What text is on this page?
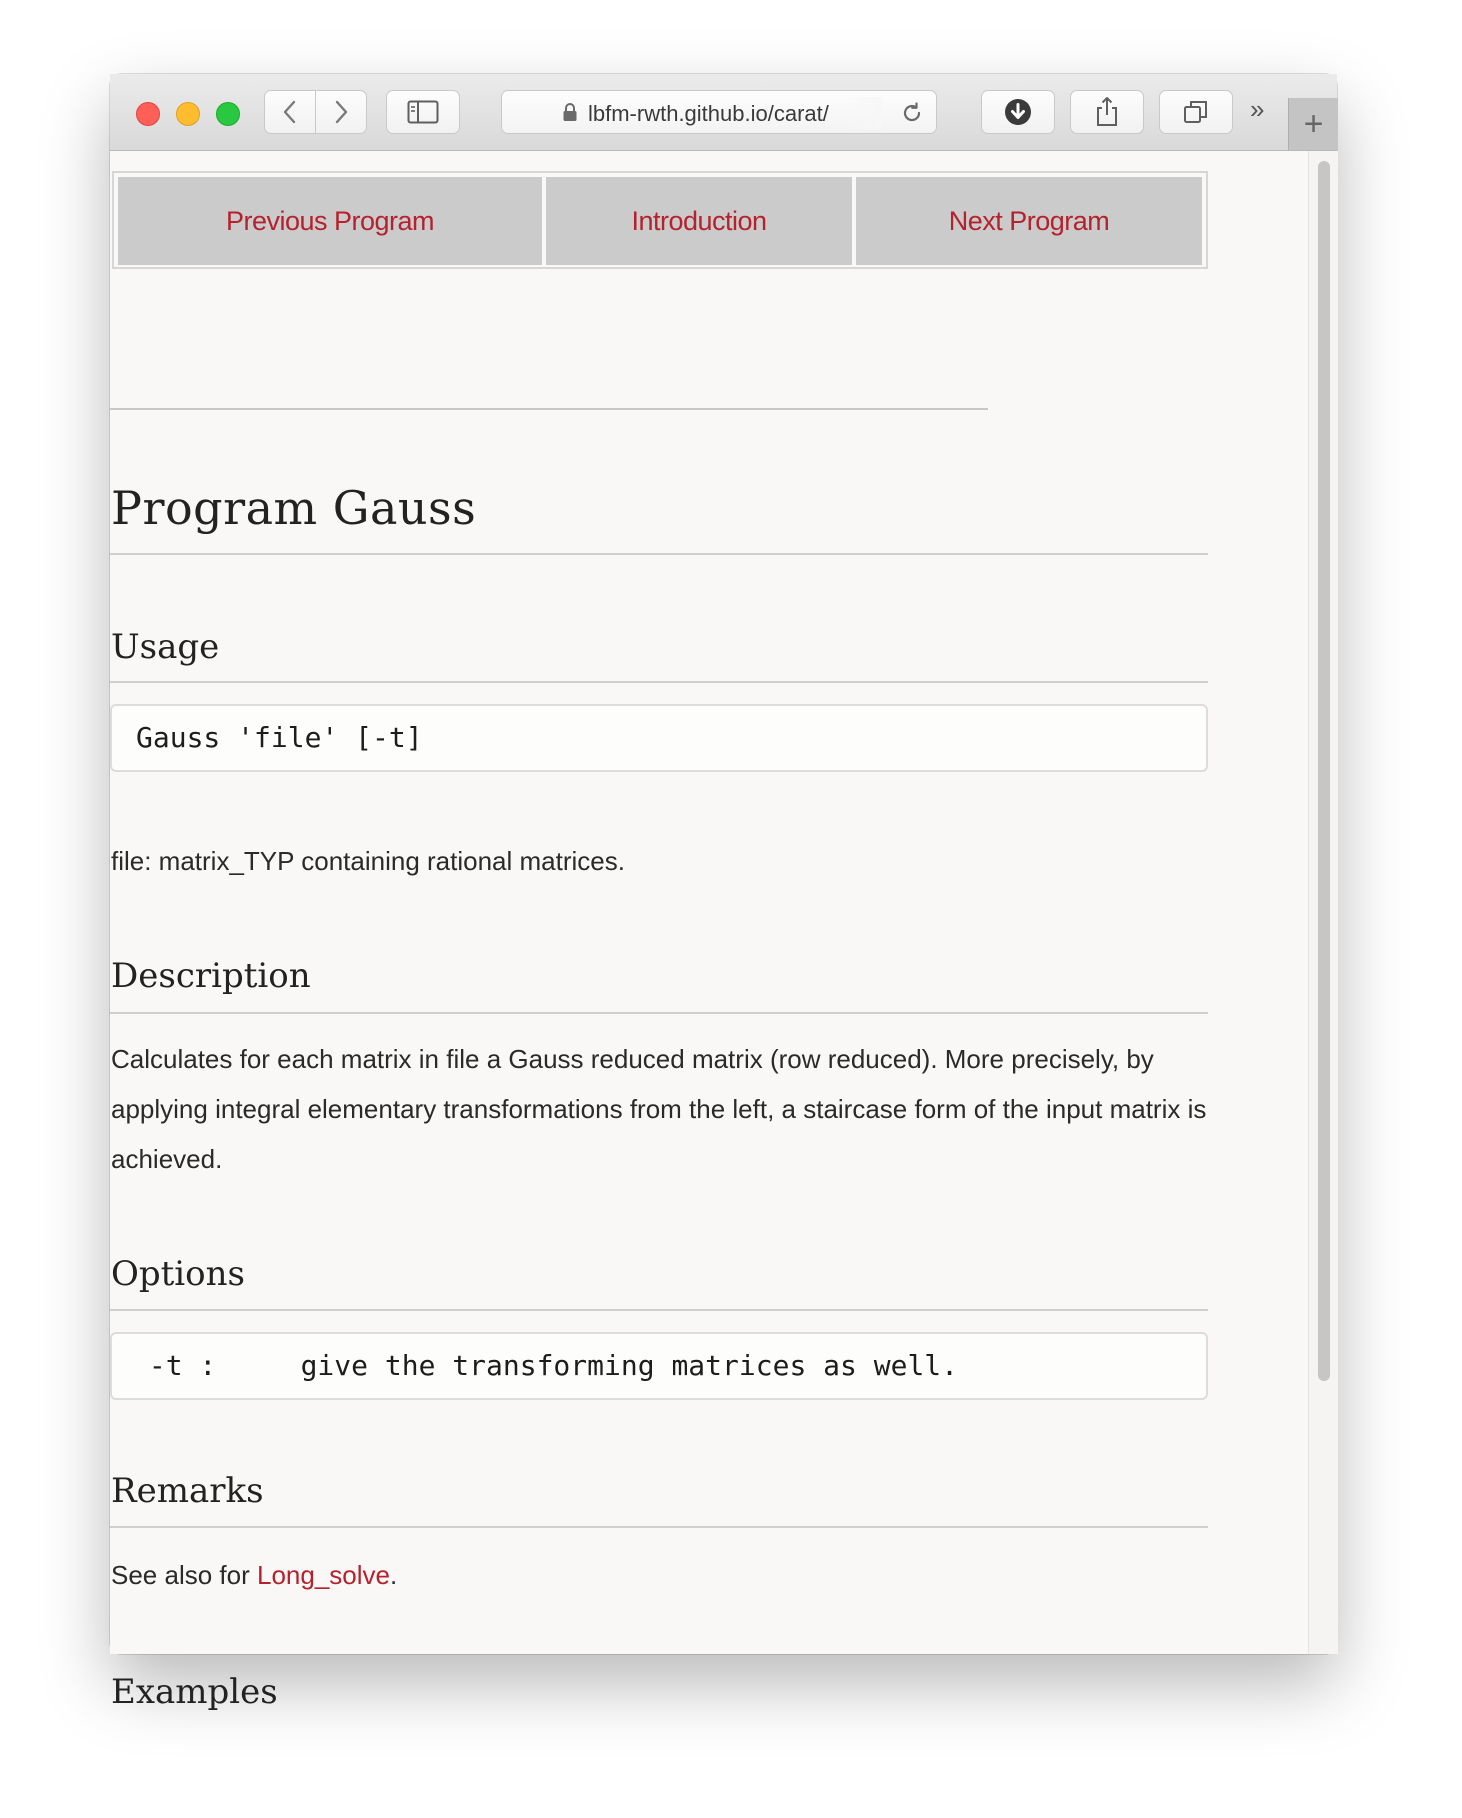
lbfm-rwth.github.io/carat/	»	+
Previous Program	Introduction	Next Program
Program Gauss
Usage
Gauss 'file' [-t]
file: matrix_TYP containing rational matrices.
Description
Calculates for each matrix in file a Gauss reduced matrix (row reduced). More precisely, by applying integral elementary transformations from the left, a staircase form of the input matrix is achieved.
Options
-t :     give the transforming matrices as well.
Remarks
See also for Long_solve.
Examples
